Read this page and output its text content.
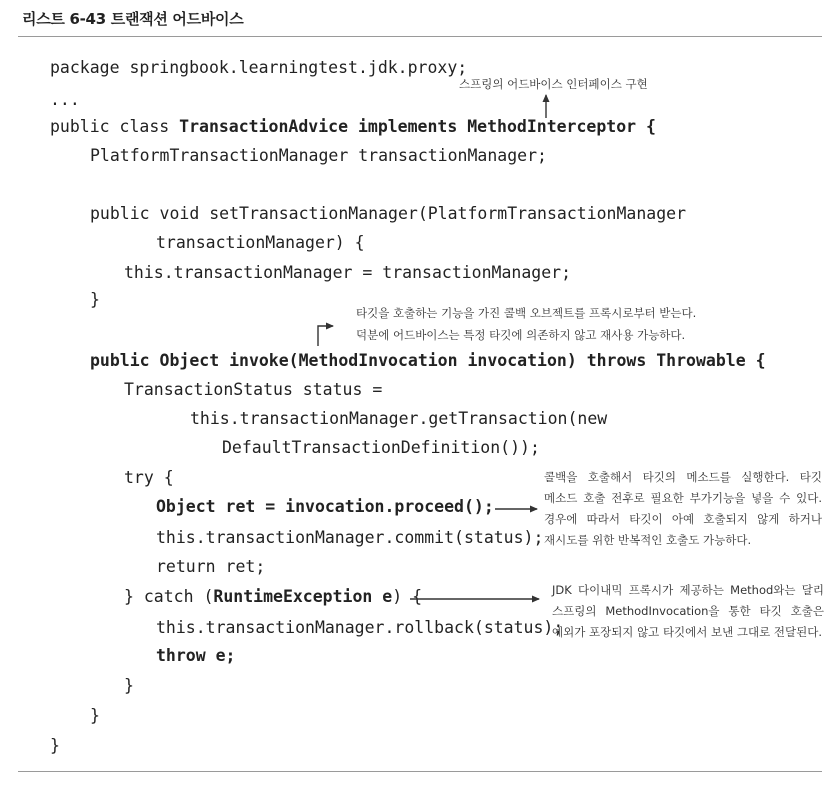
리스트 6-43 트랜잭션 어드바이스
package springbook.learningtest.jdk.proxy;
...
public class TransactionAdvice implements MethodInterceptor {
PlatformTransactionManager transactionManager;
public void setTransactionManager(PlatformTransactionManager
transactionManager) {
this.transactionManager = transactionManager;
}
public Object invoke(MethodInvocation invocation) throws Throwable {
TransactionStatus status =
this.transactionManager.getTransaction(new
DefaultTransactionDefinition());
try {
Object ret = invocation.proceed();
this.transactionManager.commit(status);
return ret;
} catch (RuntimeException e) {
this.transactionManager.rollback(status);
throw e;
}
}
}
스프링의 어드바이스 인터페이스 구현
타깃을 호출하는 기능을 가진 콜백 오브젝트를 프록시로부터 받는다.
덕분에 어드바이스는 특정 타깃에 의존하지 않고 재사용 가능하다.
콜백을 호출해서 타깃의 메소드를 실행한다. 타깃 메소드 호출 전후로 필요한 부가기능을 넣을 수 있다. 경우에 따라서 타깃이 아예 호출되지 않게 하거나 재시도를 위한 반복적인 호출도 가능하다.
JDK 다이내믹 프록시가 제공하는 Method와는 달리 스프링의 MethodInvocation을 통한 타깃 호출은 예외가 포장되지 않고 타깃에서 보낸 그대로 전달된다.
